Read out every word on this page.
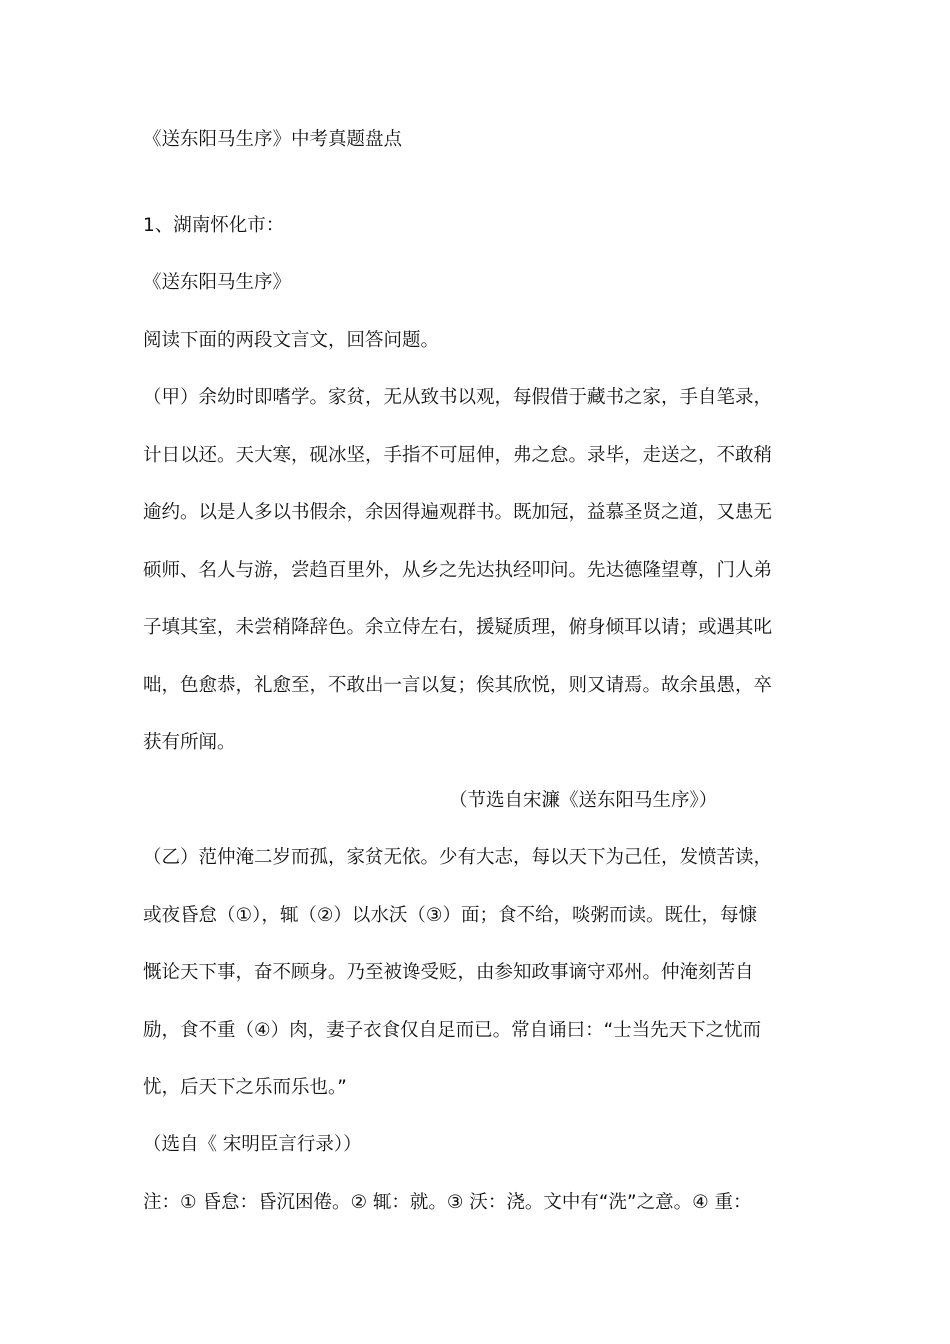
《送东阳马生序》中考真题盘点
1、湖南怀化市：
《送东阳马生序》
阅读下面的两段文言文，回答问题。
（甲）余幼时即嗜学。家贫，无从致书以观，每假借于藏书之家，手自笔录，
计日以还。天大寒，砚冰坚，手指不可屈伸，弗之怠。录毕，走送之，不敢稍
逾约。以是人多以书假余，余因得遍观群书。既加冠，益慕圣贤之道，又患无
硕师、名人与游，尝趋百里外，从乡之先达执经叩问。先达德隆望尊，门人弟
子填其室，未尝稍降辞色。余立侍左右，援疑质理，俯身倾耳以请；或遇其叱
咄，色愈恭，礼愈至，不敢出一言以复；俟其欣悦，则又请焉。故余虽愚，卒
获有所闻。
（节选自宋濂《送东阳马生序》）
（乙）范仲淹二岁而孤，家贫无依。少有大志，每以天下为己任，发愤苦读，
或夜昏怠（①），辄（②）以水沃（③）面；食不给，啖粥而读。既仕，每慷
慨论天下事，奋不顾身。乃至被谗受贬，由参知政事谪守邓州。仲淹刻苦自
励，食不重（④）肉，妻子衣食仅自足而已。常自诵曰：“士当先天下之忧而
忧，后天下之乐而乐也。”
（选自《 宋明臣言行录））
注：① 昏怠：昏沉困倦。② 辄：就。③ 沃：浇。文中有“洗”之意。④ 重：
